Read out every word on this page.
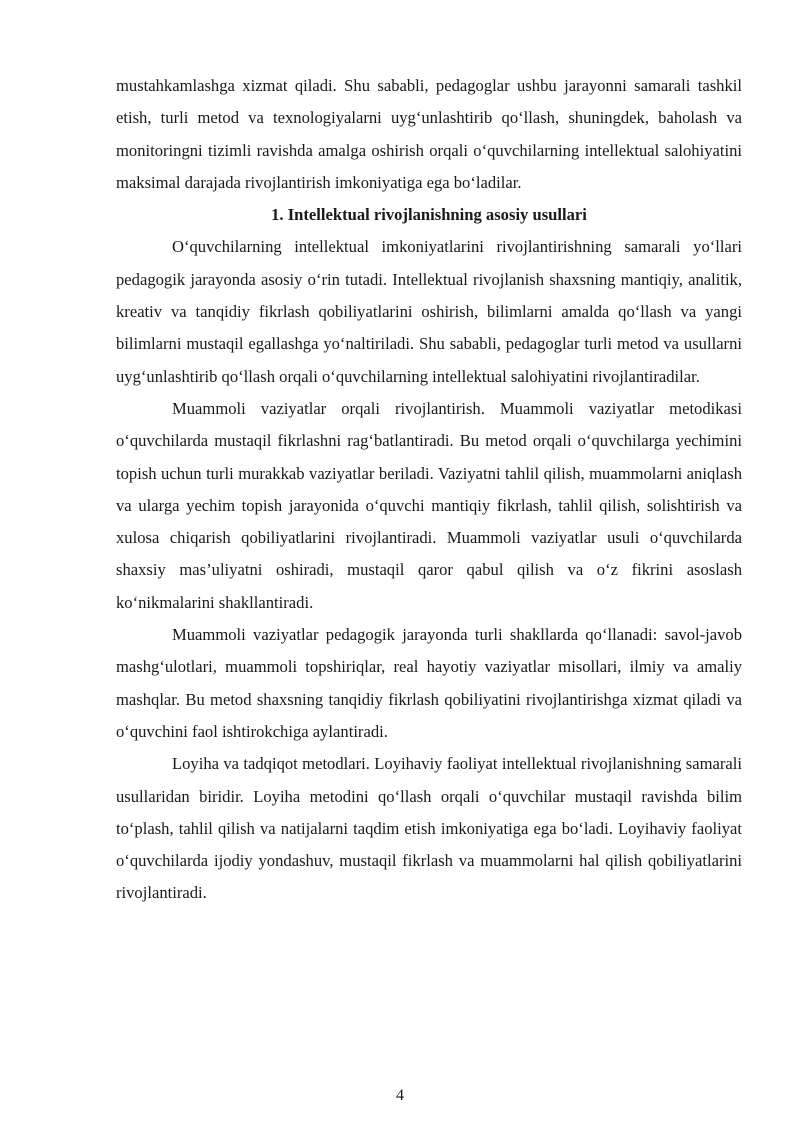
mustahkamlashga xizmat qiladi. Shu sababli, pedagoglar ushbu jarayonni samarali tashkil etish, turli metod va texnologiyalarni uyg‘unlashtirib qo‘llash, shuningdek, baholash va monitoringni tizimli ravishda amalga oshirish orqali o‘quvchilarning intellektual salohiyatini maksimal darajada rivojlantirish imkoniyatiga ega bo‘ladilar.

1. Intellektual rivojlanishning asosiy usullari

O‘quvchilarning intellektual imkoniyatlarini rivojlantirishning samarali yo‘llari pedagogik jarayonda asosiy o‘rin tutadi. Intellektual rivojlanish shaxsning mantiqiy, analitik, kreativ va tanqidiy fikrlash qobiliyatlarini oshirish, bilimlarni amalda qo‘llash va yangi bilimlarni mustaqil egallashga yo‘naltiriladi. Shu sababli, pedagoglar turli metod va usullarni uyg‘unlashtirib qo‘llash orqali o‘quvchilarning intellektual salohiyatini rivojlantiradilar.

Muammoli vaziyatlar orqali rivojlantirish. Muammoli vaziyatlar metodikasi o‘quvchilarda mustaqil fikrlashni rag‘batlantiradi. Bu metod orqali o‘quvchilarga yechimini topish uchun turli murakkab vaziyatlar beriladi. Vaziyatni tahlil qilish, muammolarni aniqlash va ularga yechim topish jarayonida o‘quvchi mantiqiy fikrlash, tahlil qilish, solishtirish va xulosa chiqarish qobiliyatlarini rivojlantiradi. Muammoli vaziyatlar usuli o‘quvchilarda shaxsiy mas’uliyatni oshiradi, mustaqil qaror qabul qilish va o‘z fikrini asoslash ko‘nikmalarini shakllantiradi.

Muammoli vaziyatlar pedagogik jarayonda turli shakllarda qo‘llanadi: savol-javob mashg‘ulotlari, muammoli topshiriqlar, real hayotiy vaziyatlar misollari, ilmiy va amaliy mashqlar. Bu metod shaxsning tanqidiy fikrlash qobiliyatini rivojlantirishga xizmat qiladi va o‘quvchini faol ishtirokchiga aylantiradi.

Loyiha va tadqiqot metodlari. Loyihaviy faoliyat intellektual rivojlanishning samarali usullaridan biridir. Loyiha metodini qo‘llash orqali o‘quvchilar mustaqil ravishda bilim to‘plash, tahlil qilish va natijalarni taqdim etish imkoniyatiga ega bo‘ladi. Loyihaviy faoliyat o‘quvchilarda ijodiy yondashuv, mustaqil fikrlash va muammolarni hal qilish qobiliyatlarini rivojlantiradi.

4
